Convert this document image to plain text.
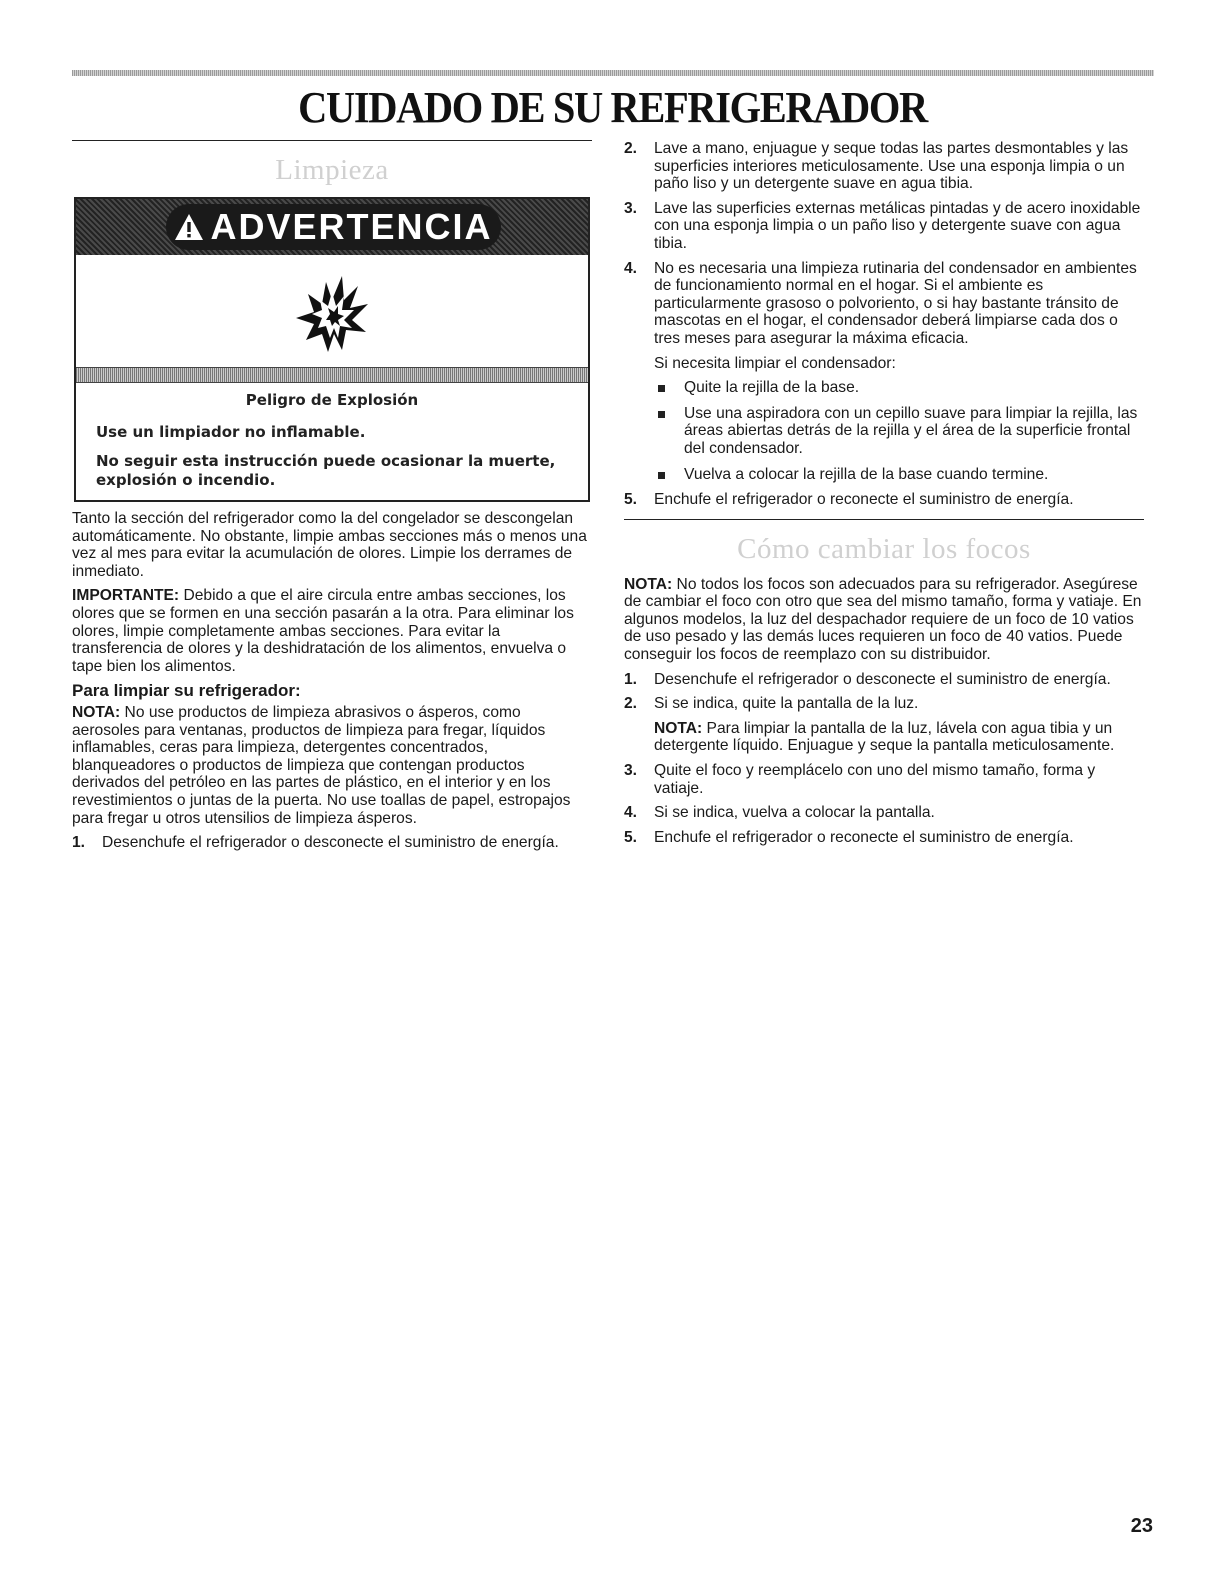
CUIDADO DE SU REFRIGERADOR
Limpieza
ADVERTENCIA
Peligro de Explosión
Use un limpiador no inflamable.
No seguir esta instrucción puede ocasionar la muerte, explosión o incendio.

Tanto la sección del refrigerador como la del congelador se descongelan automáticamente. No obstante, limpie ambas secciones más o menos una vez al mes para evitar la acumulación de olores. Limpie los derrames de inmediato.

IMPORTANTE: Debido a que el aire circula entre ambas secciones, los olores que se formen en una sección pasarán a la otra. Para eliminar los olores, limpie completamente ambas secciones. Para evitar la transferencia de olores y la deshidratación de los alimentos, envuelva o tape bien los alimentos.

Para limpiar su refrigerador:

NOTA: No use productos de limpieza abrasivos o ásperos, como aerosoles para ventanas, productos de limpieza para fregar, líquidos inflamables, ceras para limpieza, detergentes concentrados, blanqueadores o productos de limpieza que contengan productos derivados del petróleo en las partes de plástico, en el interior y en los revestimientos o juntas de la puerta. No use toallas de papel, estropajos para fregar u otros utensilios de limpieza ásperos.

1. Desenchufe el refrigerador o desconecte el suministro de energía.
2. Lave a mano, enjuague y seque todas las partes desmontables y las superficies interiores meticulosamente. Use una esponja limpia o un paño liso y un detergente suave en agua tibia.
3. Lave las superficies externas metálicas pintadas y de acero inoxidable con una esponja limpia o un paño liso y detergente suave con agua tibia.
4. No es necesaria una limpieza rutinaria del condensador en ambientes de funcionamiento normal en el hogar. Si el ambiente es particularmente grasoso o polvoriento, o si hay bastante tránsito de mascotas en el hogar, el condensador deberá limpiarse cada dos o tres meses para asegurar la máxima eficacia.

Si necesita limpiar el condensador:

Quite la rejilla de la base.
Use una aspiradora con un cepillo suave para limpiar la rejilla, las áreas abiertas detrás de la rejilla y el área de la superficie frontal del condensador.
Vuelva a colocar la rejilla de la base cuando termine.
5. Enchufe el refrigerador o reconecte el suministro de energía.
Cómo cambiar los focos

NOTA: No todos los focos son adecuados para su refrigerador. Asegúrese de cambiar el foco con otro que sea del mismo tamaño, forma y vatiaje. En algunos modelos, la luz del despachador requiere de un foco de 10 vatios de uso pesado y las demás luces requieren un foco de 40 vatios. Puede conseguir los focos de reemplazo con su distribuidor.

1. Desenchufe el refrigerador o desconecte el suministro de energía.
2. Si se indica, quite la pantalla de la luz.

NOTA: Para limpiar la pantalla de la luz, lávela con agua tibia y un detergente líquido. Enjuague y seque la pantalla meticulosamente.

3. Quite el foco y reemplácelo con uno del mismo tamaño, forma y vatiaje.
4. Si se indica, vuelva a colocar la pantalla.
5. Enchufe el refrigerador o reconecte el suministro de energía.
23
